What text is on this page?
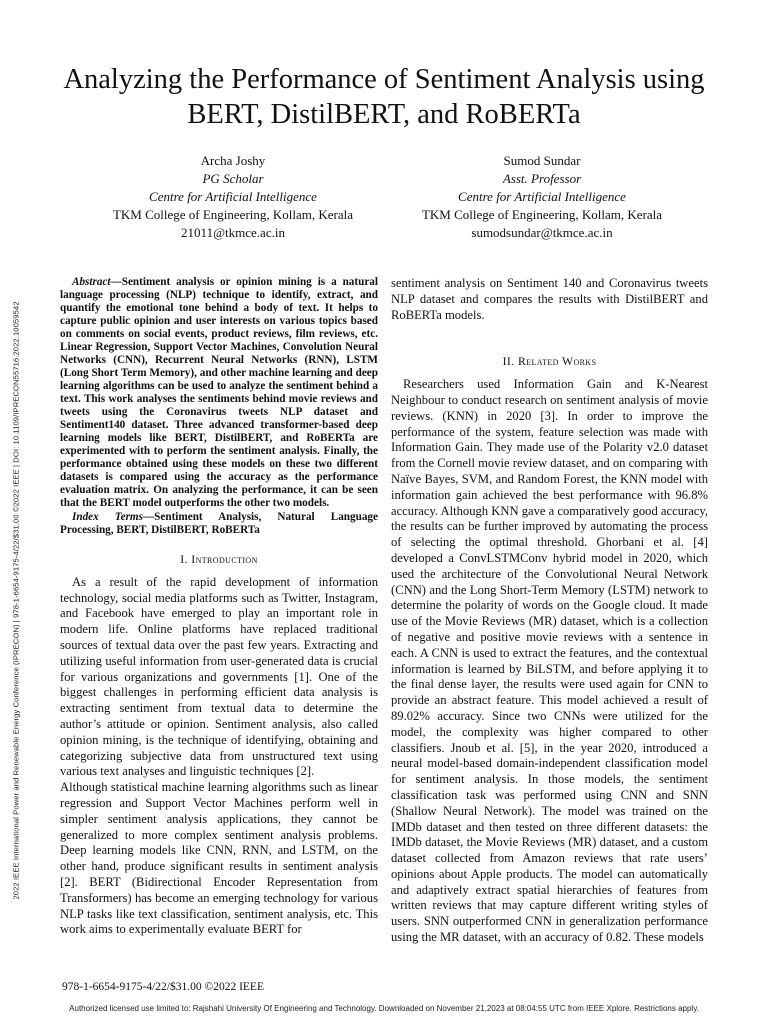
2022 IEEE International Power and Renewable Energy Conference (IPRECON) | 978-1-6654-9175-4/22/$31.00 ©2022 IEEE | DOI: 10.1109/IPRECON55716.2022.10059542
Analyzing the Performance of Sentiment Analysis using BERT, DistilBERT, and RoBERTa
Archa Joshy
PG Scholar
Centre for Artificial Intelligence
TKM College of Engineering, Kollam, Kerala
21011@tkmce.ac.in
Sumod Sundar
Asst. Professor
Centre for Artificial Intelligence
TKM College of Engineering, Kollam, Kerala
sumodsundar@tkmce.ac.in

Abstract—Sentiment analysis or opinion mining is a natural language processing (NLP) technique to identify, extract, and quantify the emotional tone behind a body of text. It helps to capture public opinion and user interests on various topics based on comments on social events, product reviews, film reviews, etc. Linear Regression, Support Vector Machines, Convolution Neural Networks (CNN), Recurrent Neural Networks (RNN), LSTM (Long Short Term Memory), and other machine learning and deep learning algorithms can be used to analyze the sentiment behind a text. This work analyses the sentiments behind movie reviews and tweets using the Coronavirus tweets NLP dataset and Sentiment140 dataset. Three advanced transformer-based deep learning models like BERT, DistilBERT, and RoBERTa are experimented with to perform the sentiment analysis. Finally, the performance obtained using these models on these two different datasets is compared using the accuracy as the performance evaluation matrix. On analyzing the performance, it can be seen that the BERT model outperforms the other two models.

Index Terms—Sentiment Analysis, Natural Language Processing, BERT, DistilBERT, RoBERTa

I. Introduction

As a result of the rapid development of information technology, social media platforms such as Twitter, Instagram, and Facebook have emerged to play an important role in modern life. Online platforms have replaced traditional sources of textual data over the past few years. Extracting and utilizing useful information from user-generated data is crucial for various organizations and governments [1]. One of the biggest challenges in performing efficient data analysis is extracting sentiment from textual data to determine the author’s attitude or opinion. Sentiment analysis, also called opinion mining, is the technique of identifying, obtaining and categorizing subjective data from unstructured text using various text analyses and linguistic techniques [2].

Although statistical machine learning algorithms such as linear regression and Support Vector Machines perform well in simpler sentiment analysis applications, they cannot be generalized to more complex sentiment analysis problems. Deep learning models like CNN, RNN, and LSTM, on the other hand, produce significant results in sentiment analysis [2]. BERT (Bidirectional Encoder Representation from Transformers) has become an emerging technology for various NLP tasks like text classification, sentiment analysis, etc. This work aims to experimentally evaluate BERT for

sentiment analysis on Sentiment 140 and Coronavirus tweets NLP dataset and compares the results with DistilBERT and RoBERTa models.

II. Related Works

Researchers used Information Gain and K-Nearest Neighbour to conduct research on sentiment analysis of movie reviews. (KNN) in 2020 [3]. In order to improve the performance of the system, feature selection was made with Information Gain. They made use of the Polarity v2.0 dataset from the Cornell movie review dataset, and on comparing with Naïve Bayes, SVM, and Random Forest, the KNN model with information gain achieved the best performance with 96.8% accuracy. Although KNN gave a comparatively good accuracy, the results can be further improved by automating the process of selecting the optimal threshold. Ghorbani et al. [4] developed a ConvLSTMConv hybrid model in 2020, which used the architecture of the Convolutional Neural Network (CNN) and the Long Short-Term Memory (LSTM) network to determine the polarity of words on the Google cloud. It made use of the Movie Reviews (MR) dataset, which is a collection of negative and positive movie reviews with a sentence in each. A CNN is used to extract the features, and the contextual information is learned by BiLSTM, and before applying it to the final dense layer, the results were used again for CNN to provide an abstract feature. This model achieved a result of 89.02% accuracy. Since two CNNs were utilized for the model, the complexity was higher compared to other classifiers. Jnoub et al. [5], in the year 2020, introduced a neural model-based domain-independent classification model for sentiment analysis. In those models, the sentiment classification task was performed using CNN and SNN (Shallow Neural Network). The model was trained on the IMDb dataset and then tested on three different datasets: the IMDb dataset, the Movie Reviews (MR) dataset, and a custom dataset collected from Amazon reviews that rate users’ opinions about Apple products. The model can automatically and adaptively extract spatial hierarchies of features from written reviews that may capture different writing styles of users. SNN outperformed CNN in generalization performance using the MR dataset, with an accuracy of 0.82. These models

978-1-6654-9175-4/22/$31.00 ©2022 IEEE
Authorized licensed use limited to: Rajshahi University Of Engineering and Technology. Downloaded on November 21,2023 at 08:04:55 UTC from IEEE Xplore. Restrictions apply.
